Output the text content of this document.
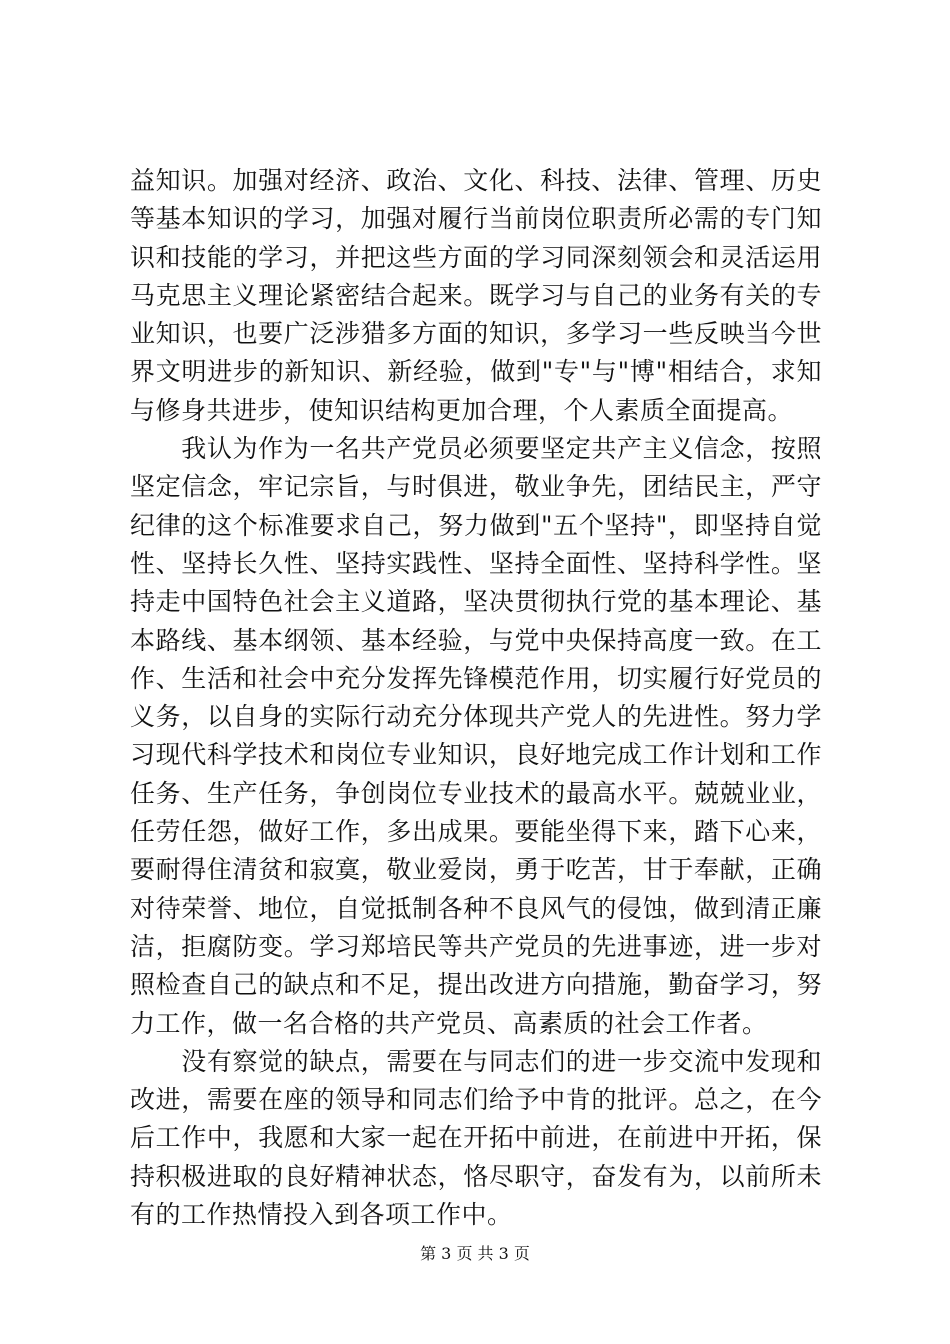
益知识。加强对经济、政治、文化、科技、法律、管理、历史
等基本知识的学习，加强对履行当前岗位职责所必需的专门知
识和技能的学习，并把这些方面的学习同深刻领会和灵活运用
马克思主义理论紧密结合起来。既学习与自己的业务有关的专
业知识，也要广泛涉猎多方面的知识，多学习一些反映当今世
界文明进步的新知识、新经验，做到"专"与"博"相结合，求知
与修身共进步，使知识结构更加合理，个人素质全面提高。
　　我认为作为一名共产党员必须要坚定共产主义信念，按照
坚定信念，牢记宗旨，与时俱进，敬业争先，团结民主，严守
纪律的这个标准要求自己，努力做到"五个坚持"，即坚持自觉
性、坚持长久性、坚持实践性、坚持全面性、坚持科学性。坚
持走中国特色社会主义道路，坚决贯彻执行党的基本理论、基
本路线、基本纲领、基本经验，与党中央保持高度一致。在工
作、生活和社会中充分发挥先锋模范作用，切实履行好党员的
义务，以自身的实际行动充分体现共产党人的先进性。努力学
习现代科学技术和岗位专业知识，良好地完成工作计划和工作
任务、生产任务，争创岗位专业技术的最高水平。兢兢业业，
任劳任怨，做好工作，多出成果。要能坐得下来，踏下心来，
要耐得住清贫和寂寞，敬业爱岗，勇于吃苦，甘于奉献，正确
对待荣誉、地位，自觉抵制各种不良风气的侵蚀，做到清正廉
洁，拒腐防变。学习郑培民等共产党员的先进事迹，进一步对
照检查自己的缺点和不足，提出改进方向措施，勤奋学习，努
力工作，做一名合格的共产党员、高素质的社会工作者。
　　没有察觉的缺点，需要在与同志们的进一步交流中发现和
改进，需要在座的领导和同志们给予中肯的批评。总之，在今
后工作中，我愿和大家一起在开拓中前进，在前进中开拓，保
持积极进取的良好精神状态，恪尽职守，奋发有为，以前所未
有的工作热情投入到各项工作中。
第 3 页 共 3 页
